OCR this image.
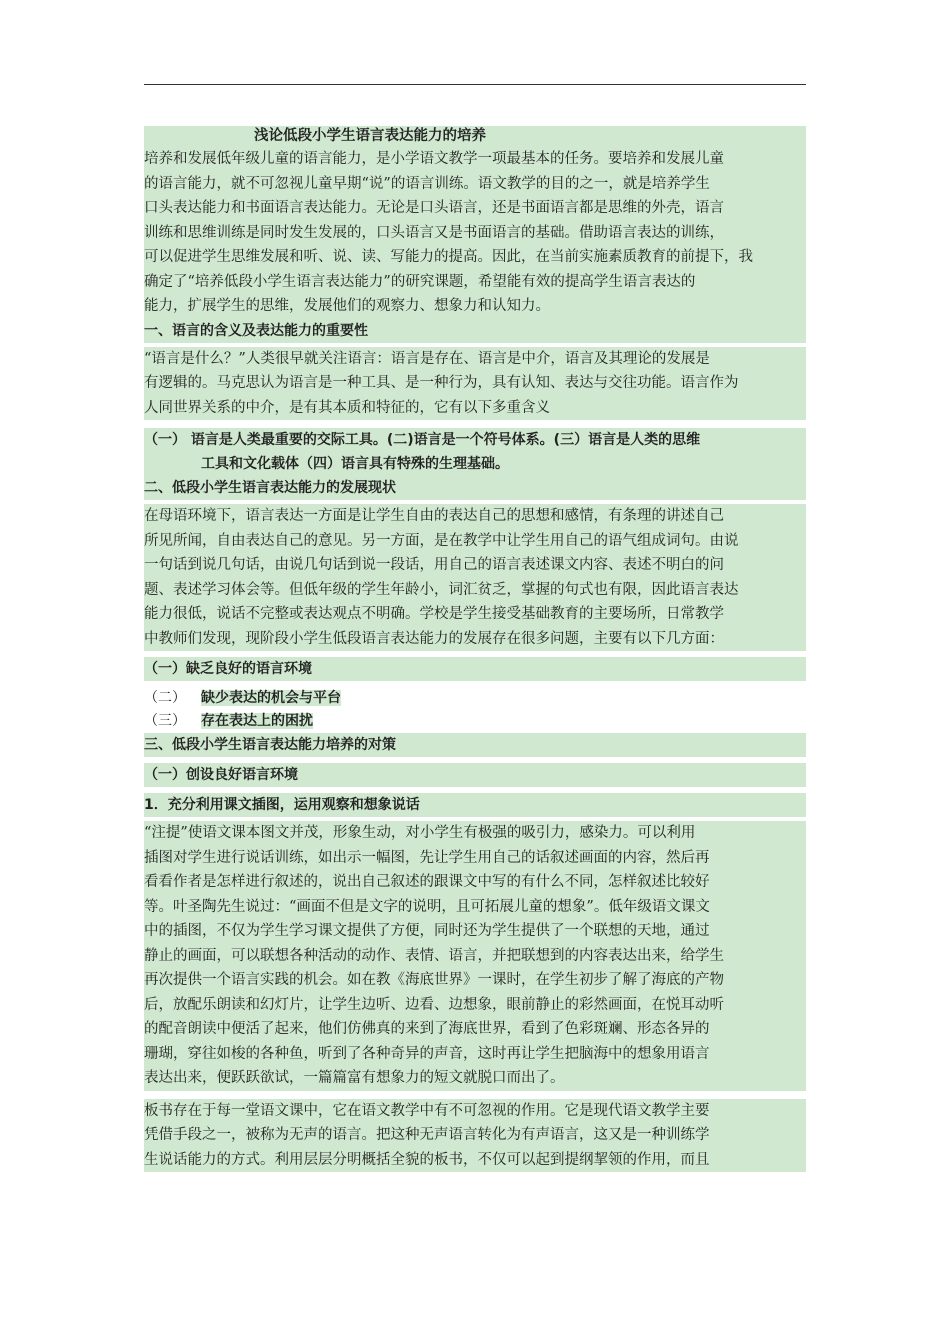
浅论低段小学生语言表达能力的培养
培养和发展低年级儿童的语言能力，是小学语文教学一项最基本的任务。要培养和发展儿童
的语言能力，就不可忽视儿童早期“说”的语言训练。语文教学的目的之一，就是培养学生
口头表达能力和书面语言表达能力。无论是口头语言，还是书面语言都是思维的外壳，语言
训练和思维训练是同时发生发展的，口头语言又是书面语言的基础。借助语言表达的训练，
可以促进学生思维发展和听、说、读、写能力的提高。因此，在当前实施素质教育的前提下，我
确定了“培养低段小学生语言表达能力”的研究课题，希望能有效的提高学生语言表达的
能力，扩展学生的思维，发展他们的观察力、想象力和认知力。
一、语言的含义及表达能力的重要性
“语言是什么？”人类很早就关注语言：语言是存在、语言是中介，语言及其理论的发展是
有逻辑的。马克思认为语言是一种工具、是一种行为，具有认知、表达与交往功能。语言作为
人同世界关系的中介，是有其本质和特征的，它有以下多重含义
（一） 语言是人类最重要的交际工具。(二)语言是一个符号体系。(三）语言是人类的思维
工具和文化载体（四）语言具有特殊的生理基础。
二、低段小学生语言表达能力的发展现状
在母语环境下，语言表达一方面是让学生自由的表达自己的思想和感情，有条理的讲述自己
所见所闻，自由表达自己的意见。另一方面，是在教学中让学生用自己的语气组成词句。由说
一句话到说几句话，由说几句话到说一段话，用自己的语言表述课文内容、表述不明白的问
题、表述学习体会等。但低年级的学生年龄小，词汇贫乏，掌握的句式也有限，因此语言表达
能力很低，说话不完整或表达观点不明确。学校是学生接受基础教育的主要场所，日常教学
中教师们发现，现阶段小学生低段语言表达能力的发展存在很多问题，主要有以下几方面：
（一）缺乏良好的语言环境
（二） 缺少表达的机会与平台
（三） 存在表达上的困扰
三、低段小学生语言表达能力培养的对策
（一）创设良好语言环境
1．充分利用课文插图，运用观察和想象说话
“注提”使语文课本图文并茂，形象生动，对小学生有极强的吸引力，感染力。可以利用
插图对学生进行说话训练，如出示一幅图，先让学生用自己的话叙述画面的内容，然后再
看看作者是怎样进行叙述的，说出自己叙述的跟课文中写的有什么不同，怎样叙述比较好
等。叶圣陶先生说过：“画面不但是文字的说明，且可拓展儿童的想象”。低年级语文课文
中的插图，不仅为学生学习课文提供了方便，同时还为学生提供了一个联想的天地，通过
静止的画面，可以联想各种活动的动作、表情、语言，并把联想到的内容表达出来，给学生
再次提供一个语言实践的机会。如在教《海底世界》一课时，在学生初步了解了海底的产物
后，放配乐朗读和幻灯片，让学生边听、边看、边想象，眼前静止的彩然画面，在悦耳动听
的配音朗读中便活了起来，他们仿佛真的来到了海底世界，看到了色彩斑斓、形态各异的
珊瑚，穿往如梭的各种鱼，听到了各种奇异的声音，这时再让学生把脑海中的想象用语言
表达出来，便跃跃欲试，一篇篇富有想象力的短文就脱口而出了。
板书存在于每一堂语文课中，它在语文教学中有不可忽视的作用。它是现代语文教学主要
凭借手段之一，被称为无声的语言。把这种无声语言转化为有声语言，这又是一种训练学
生说话能力的方式。利用层层分明概括全貌的板书，不仅可以起到提纲挈领的作用，而且
